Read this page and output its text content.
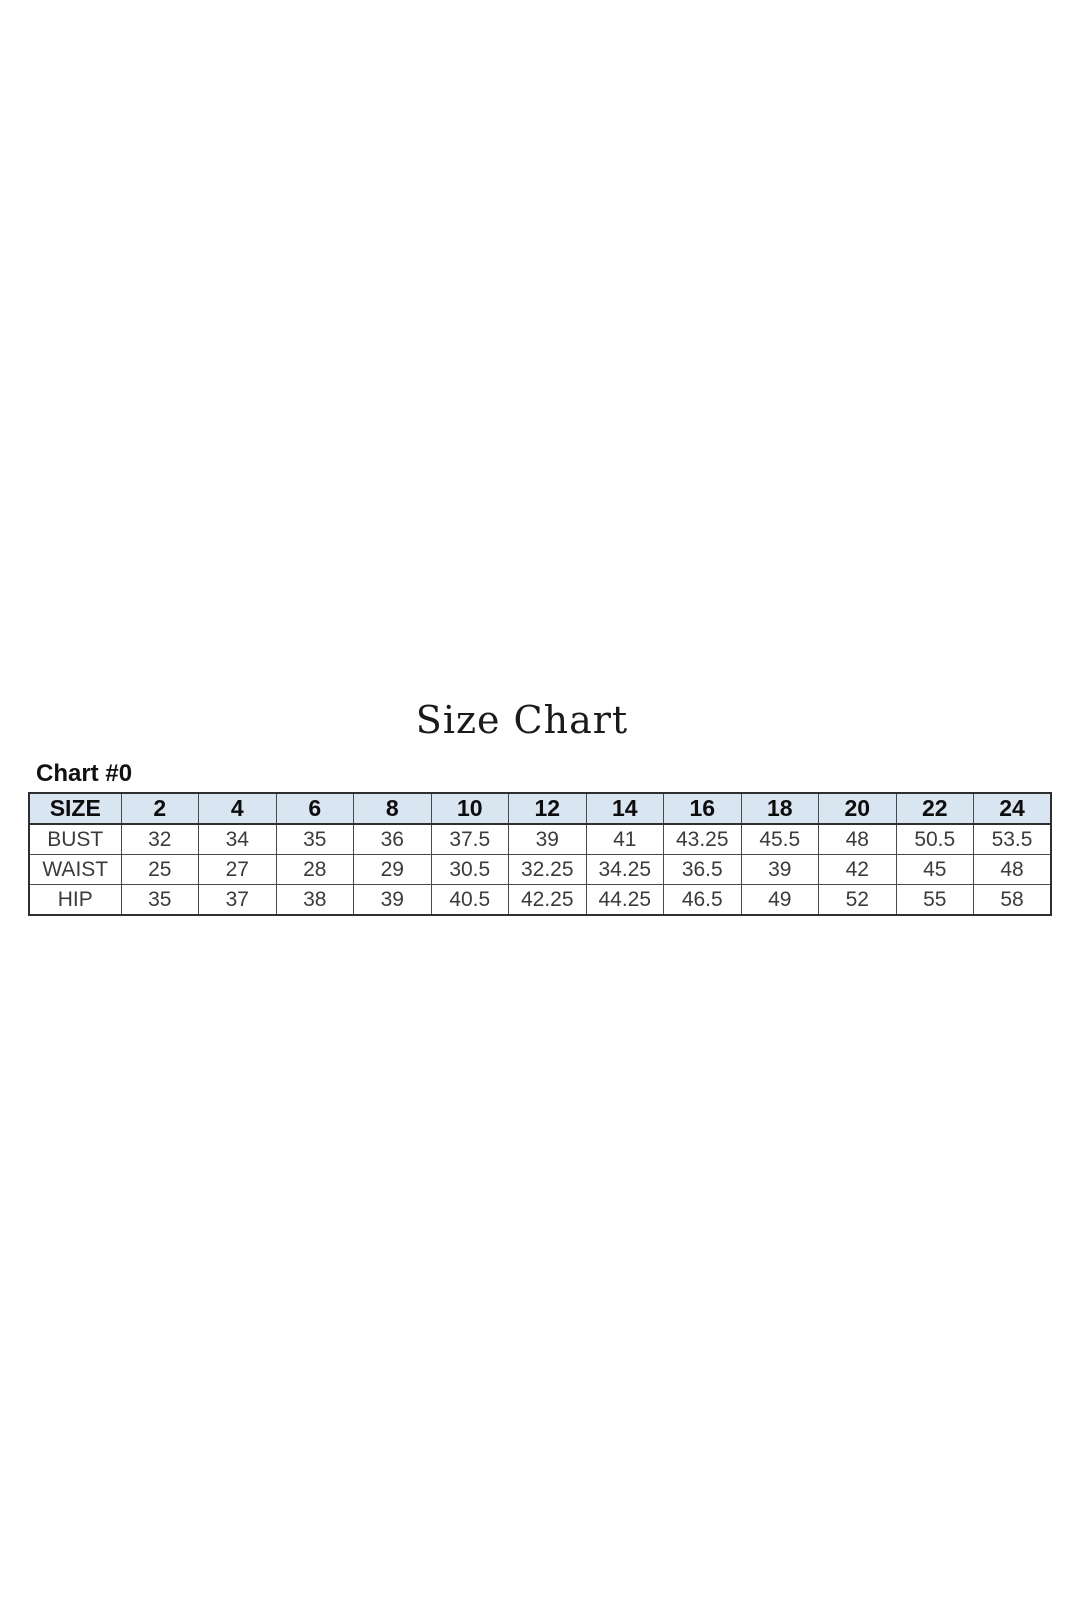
Size Chart
Chart #0
SIZE	2	4	6	8	10	12	14	16	18	20	22	24
BUST	32	34	35	36	37.5	39	41	43.25	45.5	48	50.5	53.5
WAIST	25	27	28	29	30.5	32.25	34.25	36.5	39	42	45	48
HIP	35	37	38	39	40.5	42.25	44.25	46.5	49	52	55	58
